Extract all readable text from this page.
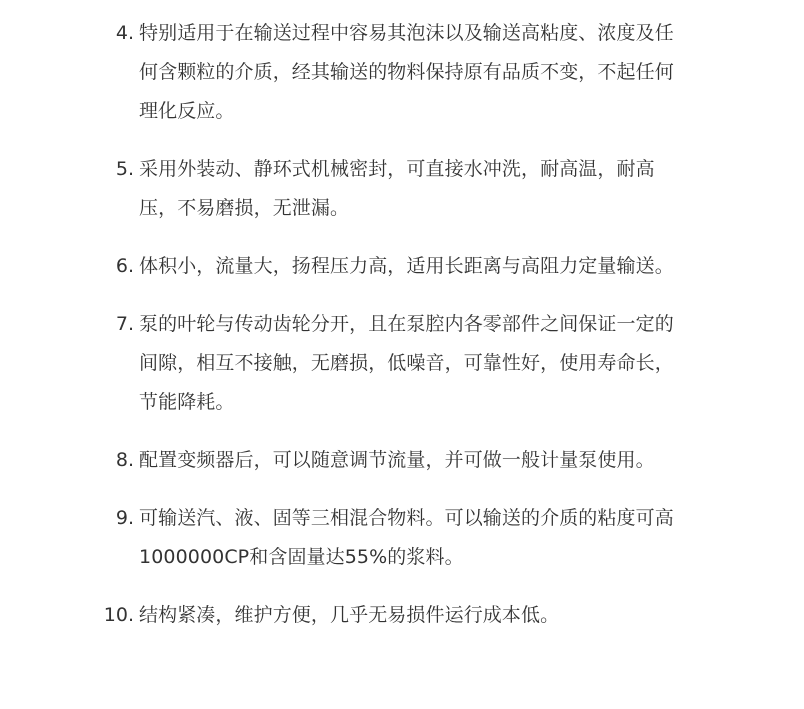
4. 特别适用于在输送过程中容易其泡沫以及输送高粘度、浓度及任何含颗粒的介质，经其输送的物料保持原有品质不变，不起任何理化反应。
5. 采用外装动、静环式机械密封，可直接水冲洗，耐高温，耐高压，不易磨损，无泄漏。
6. 体积小，流量大，扬程压力高，适用长距离与高阻力定量输送。
7. 泵的叶轮与传动齿轮分开，且在泵腔内各零部件之间保证一定的间隙，相互不接触，无磨损，低噪音，可靠性好，使用寿命长，节能降耗。
8. 配置变频器后，可以随意调节流量，并可做一般计量泵使用。
9. 可输送汽、液、固等三相混合物料。可以输送的介质的粘度可高1000000CP和含固量达55%的浆料。
10. 结构紧凑，维护方便，几乎无易损件运行成本低。
